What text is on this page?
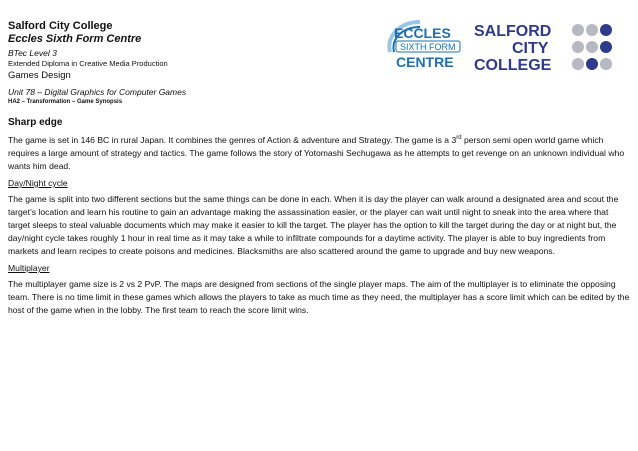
Salford City College
Eccles Sixth Form Centre
BTec Level 3
Extended Diploma in Creative Media Production
Games Design
Unit 78 – Digital Graphics for Computer Games
HA2 – Transformation – Game Synopsis
ECCLES
SIXTH FORM
CENTRE
SALFORD
CITY
COLLEGE
Sharp edge

The game is set in 146 BC in rural Japan. It combines the genres of Action & adventure and Strategy. The game is a 3rd person semi open world game which requires a large amount of strategy and tactics. The game follows the story of Yotomashi Sechugawa as he attempts to get revenge on an unknown individual who wants him dead.

Day/Night cycle

The game is split into two different sections but the same things can be done in each. When it is day the player can walk around a designated area and scout the target’s location and learn his routine to gain an advantage making the assassination easier, or the player can wait until night to sneak into the area where that target sleeps to steal valuable documents which may make it easier to kill the target. The player has the option to kill the target during the day or at night but, the day/night cycle takes roughly 1 hour in real time as it may take a while to infiltrate compounds for a daytime activity. The player is able to buy ingredients from markets and learn recipes to create poisons and medicines. Blacksmiths are also scattered around the game to upgrade and buy new weapons.

Multiplayer

The multiplayer game size is 2 vs 2 PvP. The maps are designed from sections of the single player maps. The aim of the multiplayer is to eliminate the opposing team. There is no time limit in these games which allows the players to take as much time as they need, the multiplayer has a score limit which can be edited by the host of the game when in the lobby. The first team to reach the score limit wins.
